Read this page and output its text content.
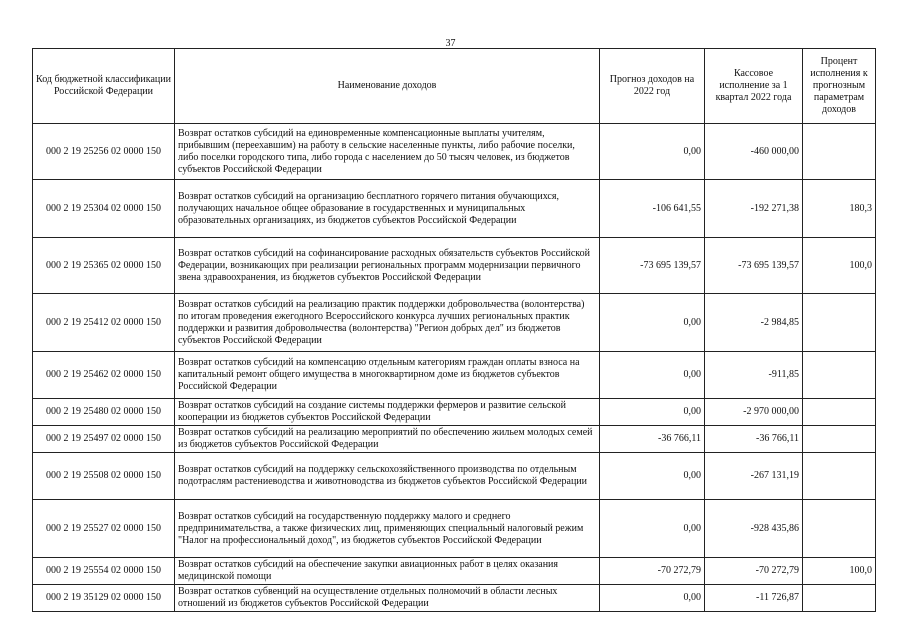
37
Код бюджетной классификации Российской Федерации	Наименование доходов	Прогноз доходов на 2022 год	Кассовое исполнение за 1 квартал 2022 года	Процент исполнения к прогнозным параметрам доходов
000 2 19 25256 02 0000 150	Возврат остатков субсидий на единовременные компенсационные выплаты учителям, прибывшим (переехавшим) на работу в сельские населенные пункты, либо рабочие поселки, либо поселки городского типа, либо города с населением до 50 тысяч человек, из бюджетов субъектов Российской Федерации	0,00	-460 000,00	
000 2 19 25304 02 0000 150	Возврат остатков субсидий на организацию бесплатного горячего питания обучающихся, получающих начальное общее образование в государственных и муниципальных образовательных организациях, из бюджетов субъектов Российской Федерации	-106 641,55	-192 271,38	180,3
000 2 19 25365 02 0000 150	Возврат остатков субсидий на софинансирование расходных обязательств субъектов Российской Федерации, возникающих при реализации региональных программ модернизации первичного звена здравоохранения, из бюджетов субъектов Российской Федерации	-73 695 139,57	-73 695 139,57	100,0
000 2 19 25412 02 0000 150	Возврат остатков субсидий на реализацию практик поддержки добровольчества (волонтерства) по итогам проведения ежегодного Всероссийского конкурса лучших региональных практик поддержки и развития добровольчества (волонтерства) "Регион добрых дел" из бюджетов субъектов Российской Федерации	0,00	-2 984,85	
000 2 19 25462 02 0000 150	Возврат остатков субсидий на компенсацию отдельным категориям граждан оплаты взноса на капитальный ремонт общего имущества в многоквартирном доме из бюджетов субъектов Российской Федерации	0,00	-911,85	
000 2 19 25480 02 0000 150	Возврат остатков субсидий на создание системы поддержки фермеров и развитие сельской кооперации из бюджетов субъектов Российской Федерации	0,00	-2 970 000,00	
000 2 19 25497 02 0000 150	Возврат остатков субсидий на реализацию мероприятий по обеспечению жильем молодых семей из бюджетов субъектов Российской Федерации	-36 766,11	-36 766,11	
000 2 19 25508 02 0000 150	Возврат остатков субсидий на поддержку сельскохозяйственного производства по отдельным подотраслям растениеводства и животноводства из бюджетов субъектов Российской Федерации	0,00	-267 131,19	
000 2 19 25527 02 0000 150	Возврат остатков субсидий на государственную поддержку малого и среднего предпринимательства, а также физических лиц, применяющих специальный налоговый режим "Налог на профессиональный доход", из бюджетов субъектов Российской Федерации	0,00	-928 435,86	
000 2 19 25554 02 0000 150	Возврат остатков субсидий на обеспечение закупки авиационных работ в целях оказания медицинской помощи	-70 272,79	-70 272,79	100,0
000 2 19 35129 02 0000 150	Возврат остатков субвенций на осуществление отдельных полномочий в области лесных отношений из бюджетов субъектов Российской Федерации	0,00	-11 726,87	
